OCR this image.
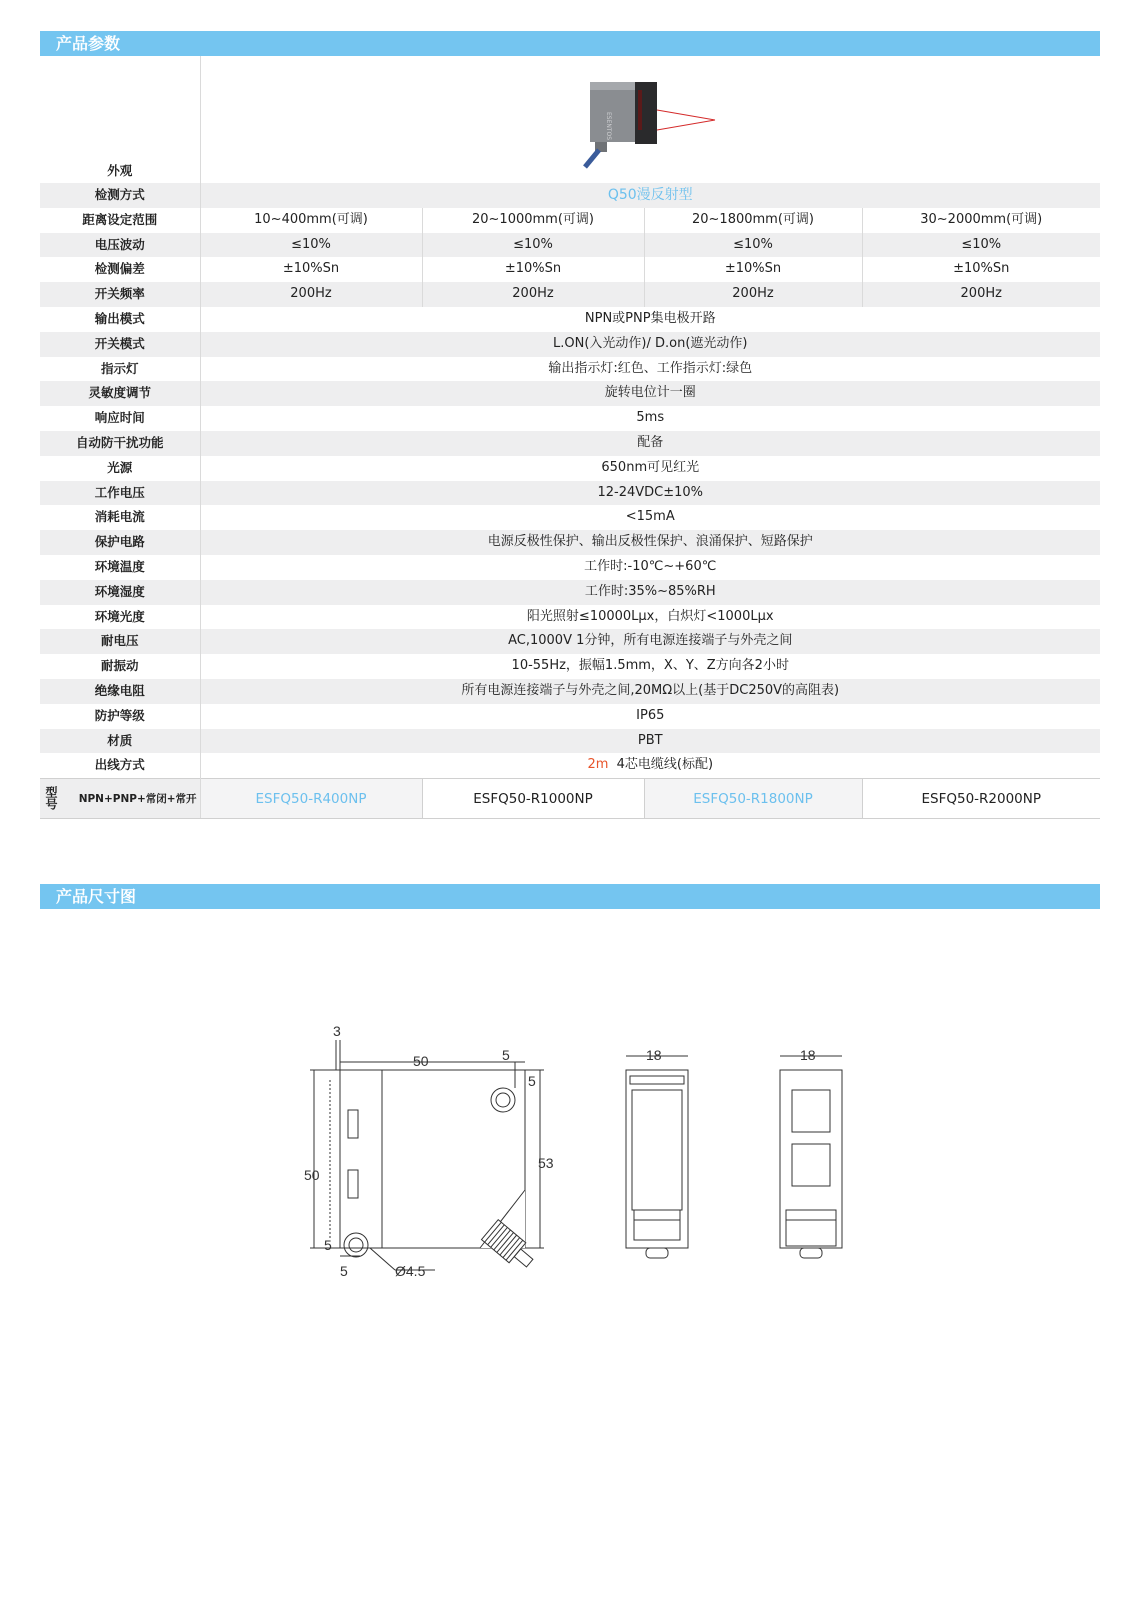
产品参数
外观	ESENTOS			

检测方式	Q50漫反射型			
距离设定范围	10~400mm(可调)	20~1000mm(可调)	20~1800mm(可调)	30~2000mm(可调)
电压波动	≤10%	≤10%	≤10%	≤10%
检测偏差	±10%Sn	±10%Sn	±10%Sn	±10%Sn
开关频率	200Hz	200Hz	200Hz	200Hz
输出模式	NPN或PNP集电极开路			
开关模式	L.ON(入光动作)/ D.on(遮光动作)			
指示灯	输出指示灯:红色、工作指示灯:绿色			
灵敏度调节	旋转电位计一圈			
响应时间	5ms			
自动防干扰功能	配备			
光源	650nm可见红光			
工作电压	12-24VDC±10%			
消耗电流	<15mA			
保护电路	电源反极性保护、输出反极性保护、浪涌保护、短路保护			
环境温度	工作时:-10℃~+60℃			
环境湿度	工作时:35%~85%RH			
环境光度	阳光照射≤10000Lμx，白炽灯<1000Lμx			
耐电压	AC,1000V 1分钟，所有电源连接端子与外壳之间			
耐振动	10-55Hz，振幅1.5mm，X、Y、Z方向各2小时			
绝缘电阻	所有电源连接端子与外壳之间,20MΩ以上(基于DC250V的高阻表)			
防护等级	IP65			
材质	PBT			
出线方式	2m 4芯电缆线(标配)			
型号 NPN+PNP+常闭+常开	ESFQ50-R400NP	ESFQ50-R1000NP	ESFQ50-R1800NP	ESFQ50-R2000NP
产品尺寸图
3
50	5
5
53
50
5
5	Ø4.5
18	18
